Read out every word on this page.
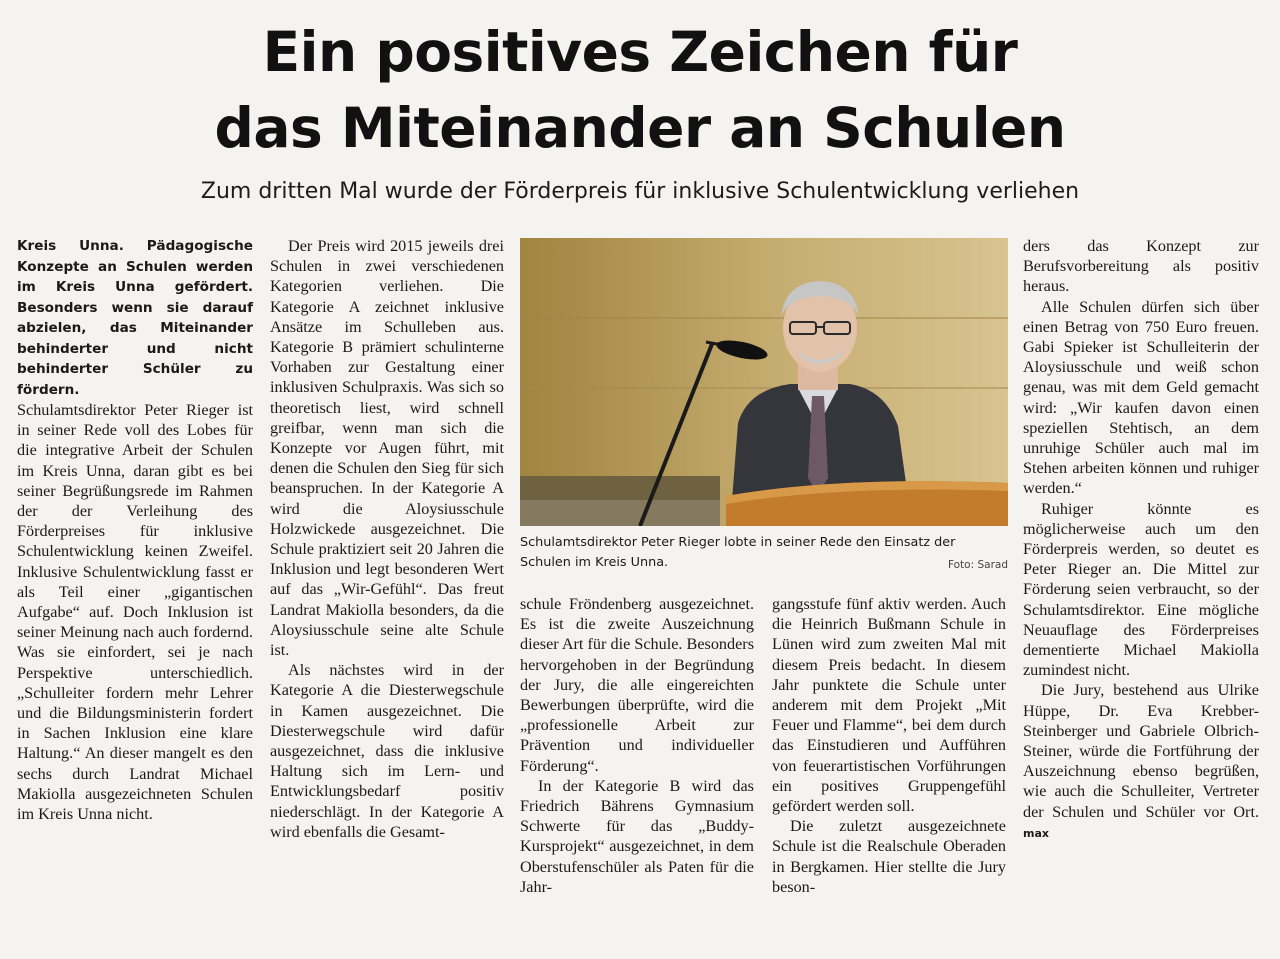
Ein positives Zeichen für
das Miteinander an Schulen
Zum dritten Mal wurde der Förderpreis für inklusive Schulentwicklung verliehen

Kreis Unna. Pädagogische Konzepte an Schulen werden im Kreis Unna gefördert. Besonders wenn sie darauf abzielen, das Miteinander behinderter und nicht behinderter Schüler zu fördern.

Schulamtsdirektor Peter Rieger ist in seiner Rede voll des Lobes für die integrative Arbeit der Schulen im Kreis Unna, daran gibt es bei seiner Begrüßungsrede im Rahmen der der Verleihung des Förderpreises für inklusive Schulentwicklung keinen Zweifel. Inklusive Schulentwicklung fasst er als Teil einer „gigantischen Aufgabe“ auf. Doch Inklusion ist seiner Meinung nach auch fordernd. Was sie einfordert, sei je nach Perspektive unterschiedlich. „Schulleiter fordern mehr Lehrer und die Bildungsministerin fordert in Sachen Inklusion eine klare Haltung.“ An dieser mangelt es den sechs durch Landrat Michael Makiolla ausgezeichneten Schulen im Kreis Unna nicht.

Der Preis wird 2015 jeweils drei Schulen in zwei verschiedenen Kategorien verliehen. Die Kategorie A zeichnet inklusive Ansätze im Schulleben aus. Kategorie B prämiert schulinterne Vorhaben zur Gestaltung einer inklusiven Schulpraxis. Was sich so theoretisch liest, wird schnell greifbar, wenn man sich die Konzepte vor Augen führt, mit denen die Schulen den Sieg für sich beanspruchen. In der Kategorie A wird die Aloysiusschule Holzwickede ausgezeichnet. Die Schule praktiziert seit 20 Jahren die Inklusion und legt besonderen Wert auf das „Wir-Gefühl“. Das freut Landrat Makiolla besonders, da die Aloysiusschule seine alte Schule ist.

Als nächstes wird in der Kategorie A die Diesterwegschule in Kamen ausgezeichnet. Die Diesterwegschule wird dafür ausgezeichnet, dass die inklusive Haltung sich im Lern- und Entwicklungsbedarf positiv niederschlägt. In der Kategorie A wird ebenfalls die Gesamt-

Schulamtsdirektor Peter Rieger lobte in seiner Rede den Einsatz der Schulen im Kreis Unna.	Foto: Sarad

schule Fröndenberg ausgezeichnet. Es ist die zweite Auszeichnung dieser Art für die Schule. Besonders hervorgehoben in der Begründung der Jury, die alle eingereichten Bewerbungen überprüfte, wird die „professionelle Arbeit zur Prävention und individueller Förderung“.

In der Kategorie B wird das Friedrich Bährens Gymnasium Schwerte für das „Buddy-Kursprojekt“ ausgezeichnet, in dem Oberstufenschüler als Paten für die Jahr-

gangsstufe fünf aktiv werden. Auch die Heinrich Bußmann Schule in Lünen wird zum zweiten Mal mit diesem Preis bedacht. In diesem Jahr punktete die Schule unter anderem mit dem Projekt „Mit Feuer und Flamme“, bei dem durch das Einstudieren und Aufführen von feuerartistischen Vorführungen ein positives Gruppengefühl gefördert werden soll.

Die zuletzt ausgezeichnete Schule ist die Realschule Oberaden in Bergkamen. Hier stellte die Jury beson-

ders das Konzept zur Berufsvorbereitung als positiv heraus.

Alle Schulen dürfen sich über einen Betrag von 750 Euro freuen. Gabi Spieker ist Schulleiterin der Aloysiusschule und weiß schon genau, was mit dem Geld gemacht wird: „Wir kaufen davon einen speziellen Stehtisch, an dem unruhige Schüler auch mal im Stehen arbeiten können und ruhiger werden.“

Ruhiger könnte es möglicherweise auch um den Förderpreis werden, so deutet es Peter Rieger an. Die Mittel zur Förderung seien verbraucht, so der Schulamtsdirektor. Eine mögliche Neuauflage des Förderpreises dementierte Michael Makiolla zumindest nicht.

Die Jury, bestehend aus Ulrike Hüppe, Dr. Eva Krebber-Steinberger und Gabriele Olbrich-Steiner, würde die Fortführung der Auszeichnung ebenso begrüßen, wie auch die Schulleiter, Vertreter der Schulen und Schüler vor Ort. max
